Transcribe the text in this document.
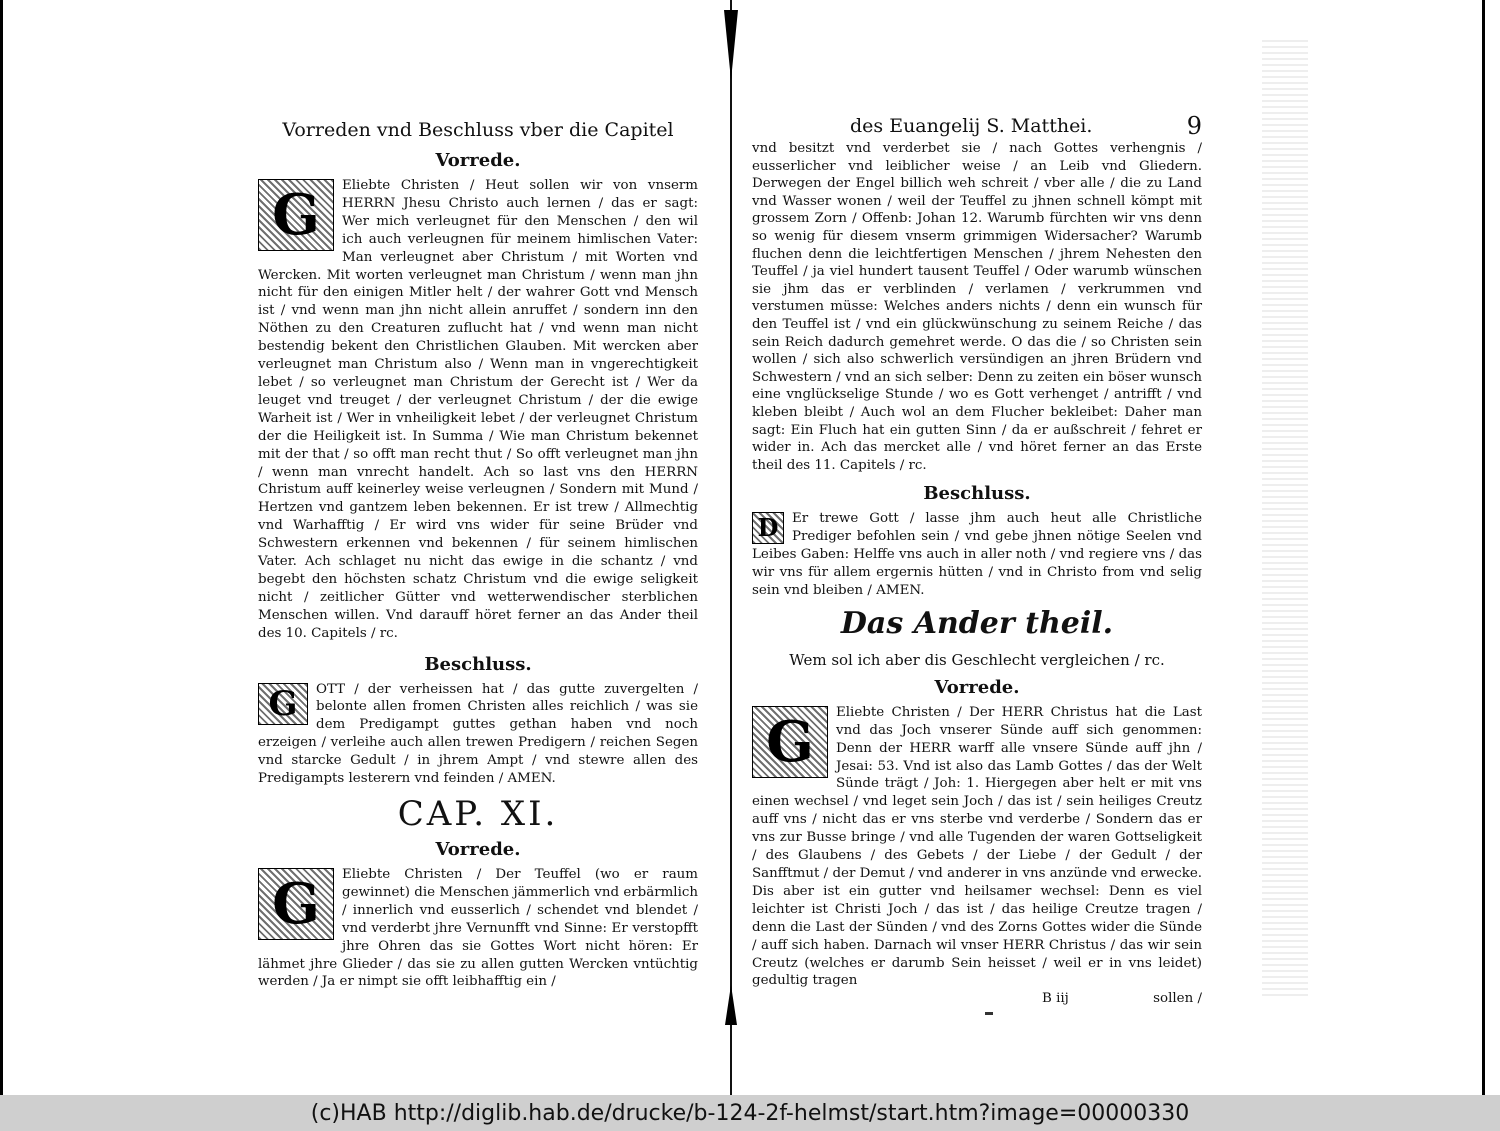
Vorreden vnd Beschluss vber die Capitel
Vorrede.
G	Eliebte Christen / Heut sollen wir von vnserm HERRN Jhesu Christo auch lernen / das er sagt: Wer mich verleugnet für den Menschen / den wil ich auch verleugnen für meinem himlischen Vater: Man verleugnet aber Christum / mit Worten vnd Wercken. Mit worten verleugnet man Christum / wenn man jhn nicht für den einigen Mitler helt / der wahrer Gott vnd Mensch ist / vnd wenn man jhn nicht allein anruffet / sondern inn den Nöthen zu den Creaturen zuflucht hat / vnd wenn man nicht bestendig bekent den Christlichen Glauben. Mit wercken aber verleugnet man Christum also / Wenn man in vngerechtigkeit lebet / so verleugnet man Christum der Gerecht ist / Wer da leuget vnd treuget / der verleugnet Christum / der die ewige Warheit ist / Wer in vnheiligkeit lebet / der verleugnet Christum der die Heiligkeit ist. In Summa / Wie man Christum bekennet mit der that / so offt man recht thut / So offt verleugnet man jhn / wenn man vnrecht handelt. Ach so last vns den HERRN Christum auff keinerley weise verleugnen / Sondern mit Mund / Hertzen vnd gantzem leben bekennen. Er ist trew / Allmechtig vnd Warhafftig / Er wird vns wider für seine Brüder vnd Schwestern erkennen vnd bekennen / für seinem himlischen Vater. Ach schlaget nu nicht das ewige in die schantz / vnd begebt den höchsten schatz Christum vnd die ewige seligkeit nicht / zeitlicher Gütter vnd wetterwendischer sterblichen Menschen willen. Vnd darauff höret ferner an das Ander theil des 10. Capitels / rc.
Beschluss.
G	OTT / der verheissen hat / das gutte zuvergelten / belonte allen fromen Christen alles reichlich / was sie dem Predigampt guttes gethan haben vnd noch erzeigen / verleihe auch allen trewen Predigern / reichen Segen vnd starcke Gedult / in jhrem Ampt / vnd stewre allen des Predigampts lesterern vnd feinden / AMEN.
CAP. XI.
Vorrede.
G	Eliebte Christen / Der Teuffel (wo er raum gewinnet) die Menschen jämmerlich vnd erbärmlich / innerlich vnd eusserlich / schendet vnd blendet / vnd verderbt jhre Vernunfft vnd Sinne: Er verstopfft jhre Ohren das sie Gottes Wort nicht hören: Er lähmet jhre Glieder / das sie zu allen gutten Wercken vntüchtig werden / Ja er nimpt sie offt leibhafftig ein /
des Euangelij S. Matthei.	9
vnd besitzt vnd verderbet sie / nach Gottes verhengnis / eusserlicher vnd leiblicher weise / an Leib vnd Gliedern. Derwegen der Engel billich weh schreit / vber alle / die zu Land vnd Wasser wonen / weil der Teuffel zu jhnen schnell kömpt mit grossem Zorn / Offenb: Johan 12. Warumb fürchten wir vns denn so wenig für diesem vnserm grimmigen Widersacher? Warumb fluchen denn die leichtfertigen Menschen / jhrem Nehesten den Teuffel / ja viel hundert tausent Teuffel / Oder warumb wünschen sie jhm das er verblinden / verlamen / verkrummen vnd verstumen müsse: Welches anders nichts / denn ein wunsch für den Teuffel ist / vnd ein glückwünschung zu seinem Reiche / das sein Reich dadurch gemehret werde. O das die / so Christen sein wollen / sich also schwerlich versündigen an jhren Brüdern vnd Schwestern / vnd an sich selber: Denn zu zeiten ein böser wunsch eine vnglückselige Stunde / wo es Gott verhenget / antrifft / vnd kleben bleibt / Auch wol an dem Flucher bekleibet: Daher man sagt: Ein Fluch hat ein gutten Sinn / da er außschreit / fehret er wider in. Ach das mercket alle / vnd höret ferner an das Erste theil des 11. Capitels / rc.
Beschluss.
D	Er trewe Gott / lasse jhm auch heut alle Christliche Prediger befohlen sein / vnd gebe jhnen nötige Seelen vnd Leibes Gaben: Helffe vns auch in aller noth / vnd regiere vns / das wir vns für allem ergernis hütten / vnd in Christo from vnd selig sein vnd bleiben / AMEN.
Das Ander theil.
Wem sol ich aber dis Geschlecht vergleichen / rc.
Vorrede.
G	Eliebte Christen / Der HERR Christus hat die Last vnd das Joch vnserer Sünde auff sich genommen: Denn der HERR warff alle vnsere Sünde auff jhn / Jesai: 53. Vnd ist also das Lamb Gottes / das der Welt Sünde trägt / Joh: 1. Hiergegen aber helt er mit vns einen wechsel / vnd leget sein Joch / das ist / sein heiliges Creutz auff vns / nicht das er vns sterbe vnd verderbe / Sondern das er vns zur Busse bringe / vnd alle Tugenden der waren Gottseligkeit / des Glaubens / des Gebets / der Liebe / der Gedult / der Sanfftmut / der Demut / vnd anderer in vns anzünde vnd erwecke. Dis aber ist ein gutter vnd heilsamer wechsel: Denn es viel leichter ist Christi Joch / das ist / das heilige Creutze tragen / denn die Last der Sünden / vnd des Zorns Gottes wider die Sünde / auff sich haben. Darnach wil vnser HERR Christus / das wir sein Creutz (welches er darumb Sein heisset / weil er in vns leidet) gedultig tragen
B iij	sollen /
(c)HAB http://diglib.hab.de/drucke/b-124-2f-helmst/start.htm?image=00000330
